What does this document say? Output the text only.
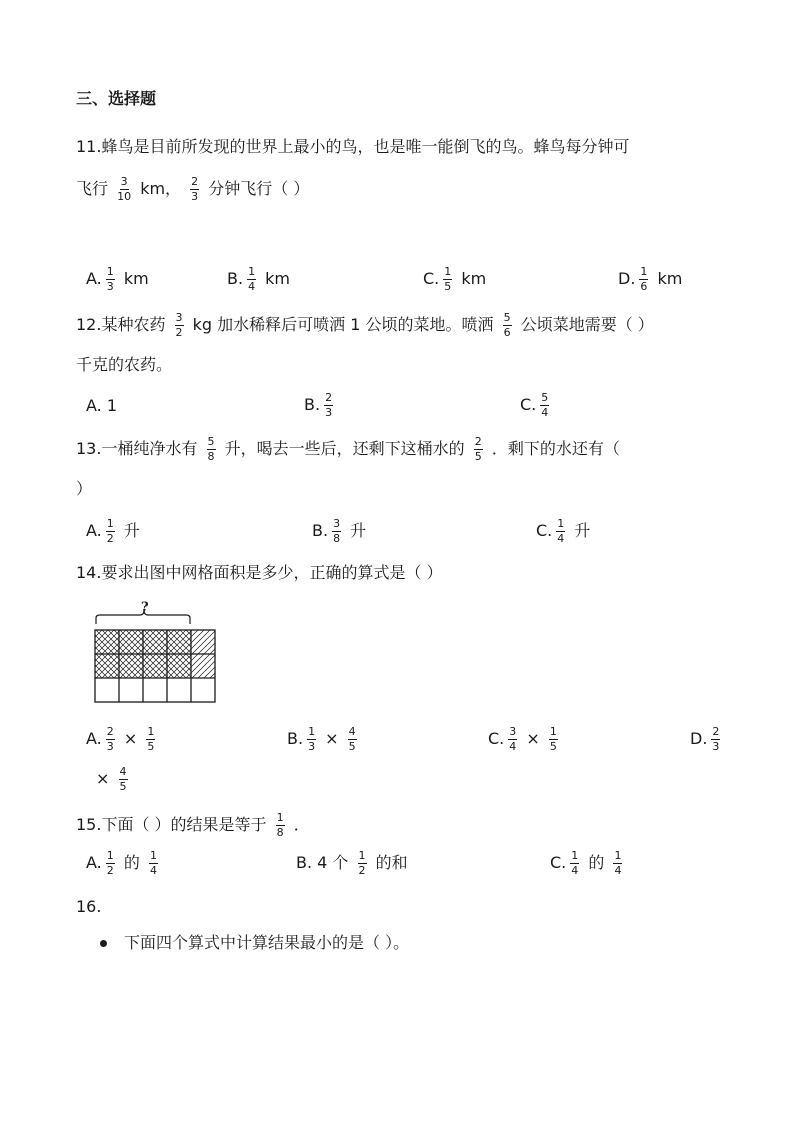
三、选择题
11.蜂鸟是目前所发现的世界上最小的鸟，也是唯一能倒飞的鸟。蜂鸟每分钟可
飞行 $\frac{3}{10}$ km， $\frac{2}{3}$ 分钟飞行（ ）
A. $\frac{1}{3}$ km	B. $\frac{1}{4}$ km	C. $\frac{1}{5}$ km	D. $\frac{1}{6}$ km
12.某种农药 $\frac{3}{2}$ kg 加水稀释后可喷洒 1 公顷的菜地。喷洒 $\frac{5}{6}$ 公顷菜地需要（ ）
千克的农药。
A. 1	B. $\frac{2}{3}$	C. $\frac{5}{4}$
13.一桶纯净水有 $\frac{5}{8}$ 升，喝去一些后，还剩下这桶水的 $\frac{2}{5}$ ．剩下的水还有（
）
A. $\frac{1}{2}$ 升	B. $\frac{3}{8}$ 升	C. $\frac{1}{4}$ 升
14.要求出图中网格面积是多少，正确的算式是（ ）
?
A. $\frac{2}{3} \times \frac{1}{5}$	B. $\frac{1}{3} \times \frac{4}{5}$	C. $\frac{3}{4} \times \frac{1}{5}$	D. $\frac{2}{3}$
× $\frac{4}{5}$
15.下面（ ）的结果是等于 $\frac{1}{8}$ ．
A. $\frac{1}{2}$ 的 $\frac{1}{4}$	B. 4 个 $\frac{1}{2}$ 的和	C. $\frac{1}{4}$ 的 $\frac{1}{4}$
16.
下面四个算式中计算结果最小的是（ ）。
